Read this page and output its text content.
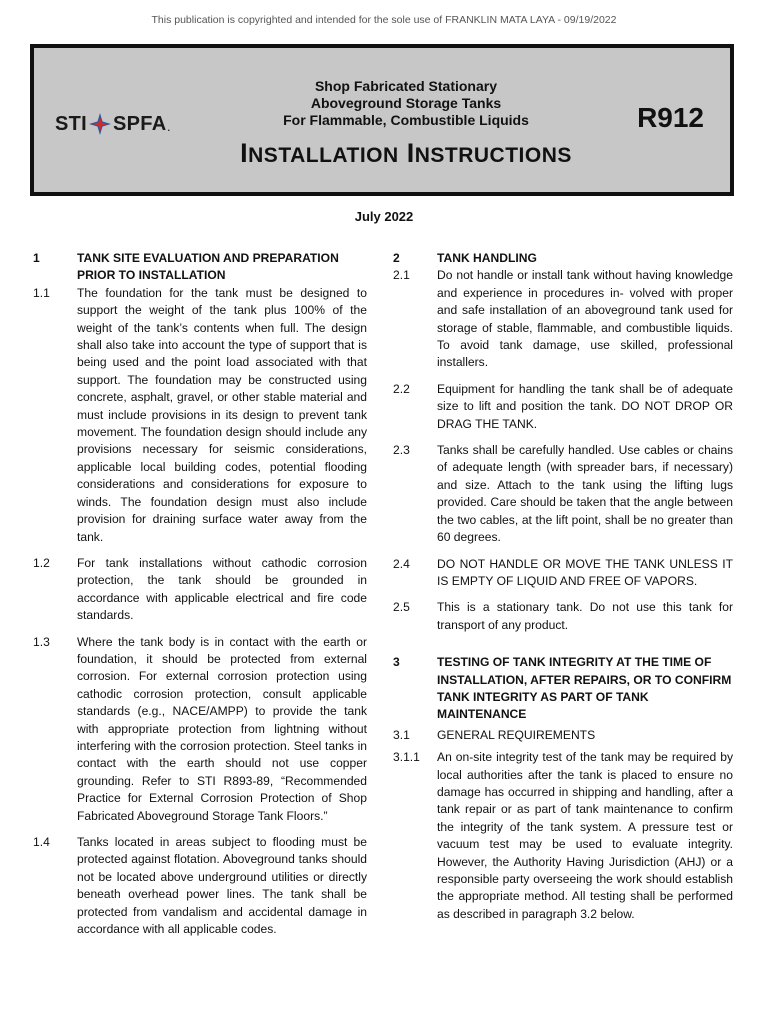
This publication is copyrighted and intended for the sole use of FRANKLIN MATA LAYA - 09/19/2022
STI SPFA .
Shop Fabricated Stationary
Aboveground Storage Tanks
For Flammable, Combustible Liquids
INSTALLATION INSTRUCTIONS
R912
July 2022
1	TANK SITE EVALUATION AND PREPARATION PRIOR TO INSTALLATION
1.1	The foundation for the tank must be designed to support the weight of the tank plus 100% of the weight of the tank’s contents when full. The design shall also take into account the type of support that is being used and the point load associated with that support. The foundation may be constructed using concrete, asphalt, gravel, or other stable material and must include provisions in its design to prevent tank movement. The foundation design should include any provisions necessary for seismic considerations, applicable local building codes, potential flooding considerations and considerations for exposure to winds. The foundation design must also include provision for draining surface water away from the tank.
1.2	For tank installations without cathodic corrosion protection, the tank should be grounded in accordance with applicable electrical and fire code standards.
1.3	Where the tank body is in contact with the earth or foundation, it should be protected from external corrosion. For external corrosion protection using cathodic corrosion protection, consult applicable standards (e.g., NACE/AMPP) to provide the tank with appropriate protection from lightning without interfering with the corrosion protection. Steel tanks in contact with the earth should not use copper grounding. Refer to STI R893-89, “Recommended Practice for External Corrosion Protection of Shop Fabricated Aboveground Storage Tank Floors.”
1.4	Tanks located in areas subject to flooding must be protected against flotation. Aboveground tanks should not be located above underground utilities or directly beneath overhead power lines. The tank shall be protected from vandalism and accidental damage in accordance with all applicable codes.
2	TANK HANDLING
2.1	Do not handle or install tank without having knowledge and experience in procedures in- volved with proper and safe installation of an aboveground tank used for storage of stable, flammable, and combustible liquids. To avoid tank damage, use skilled, professional installers.
2.2	Equipment for handling the tank shall be of adequate size to lift and position the tank. DO NOT DROP OR DRAG THE TANK.
2.3	Tanks shall be carefully handled. Use cables or chains of adequate length (with spreader bars, if necessary) and size. Attach to the tank using the lifting lugs provided. Care should be taken that the angle between the two cables, at the lift point, shall be no greater than 60 degrees.
2.4	DO NOT HANDLE OR MOVE THE TANK UNLESS IT IS EMPTY OF LIQUID AND FREE OF VAPORS.
2.5	This is a stationary tank. Do not use this tank for transport of any product.
3	TESTING OF TANK INTEGRITY AT THE TIME OF INSTALLATION, AFTER REPAIRS, OR TO CONFIRM TANK INTEGRITY AS PART OF TANK MAINTENANCE
3.1	GENERAL REQUIREMENTS
3.1.1	An on-site integrity test of the tank may be required by local authorities after the tank is placed to ensure no damage has occurred in shipping and handling, after a tank repair or as part of tank maintenance to confirm the integrity of the tank system. A pressure test or vacuum test may be used to evaluate integrity. However, the Authority Having Jurisdiction (AHJ) or a responsible party overseeing the work should establish the appropriate method. All testing shall be performed as described in paragraph 3.2 below.
